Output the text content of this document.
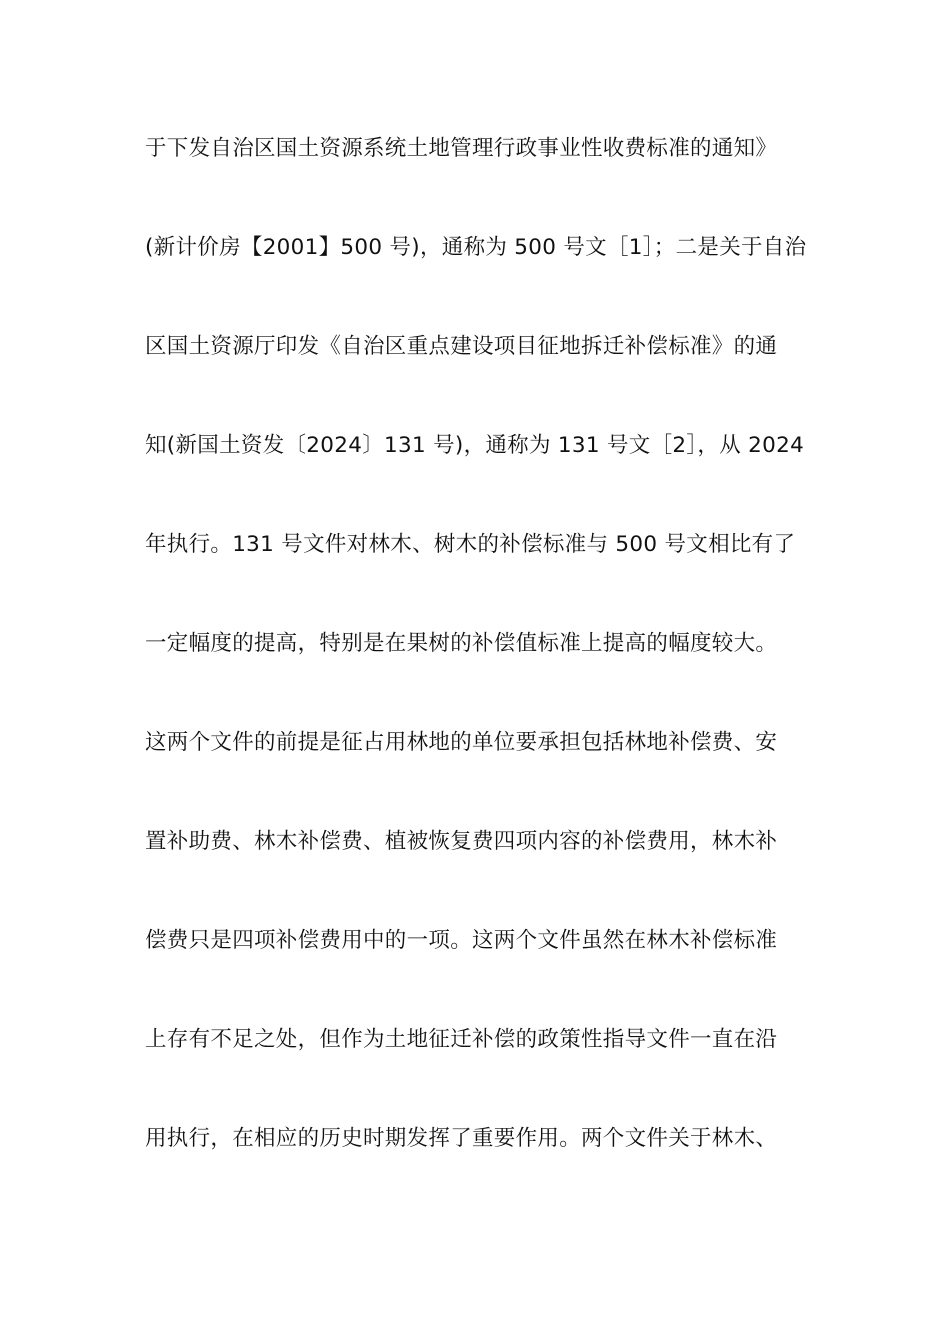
于下发自治区国土资源系统土地管理行政事业性收费标准的通知》
(新计价房【2001】500 号)，通称为 500 号文［1］；二是关于自治
区国土资源厅印发《自治区重点建设项目征地拆迁补偿标准》的通
知(新国土资发〔2024〕131 号)，通称为 131 号文［2］，从 2024
年执行。131 号文件对林木、树木的补偿标准与 500 号文相比有了
一定幅度的提高，特别是在果树的补偿值标准上提高的幅度较大。
这两个文件的前提是征占用林地的单位要承担包括林地补偿费、安
置补助费、林木补偿费、植被恢复费四项内容的补偿费用，林木补
偿费只是四项补偿费用中的一项。这两个文件虽然在林木补偿标准
上存有不足之处，但作为土地征迁补偿的政策性指导文件一直在沿
用执行，在相应的历史时期发挥了重要作用。两个文件关于林木、
